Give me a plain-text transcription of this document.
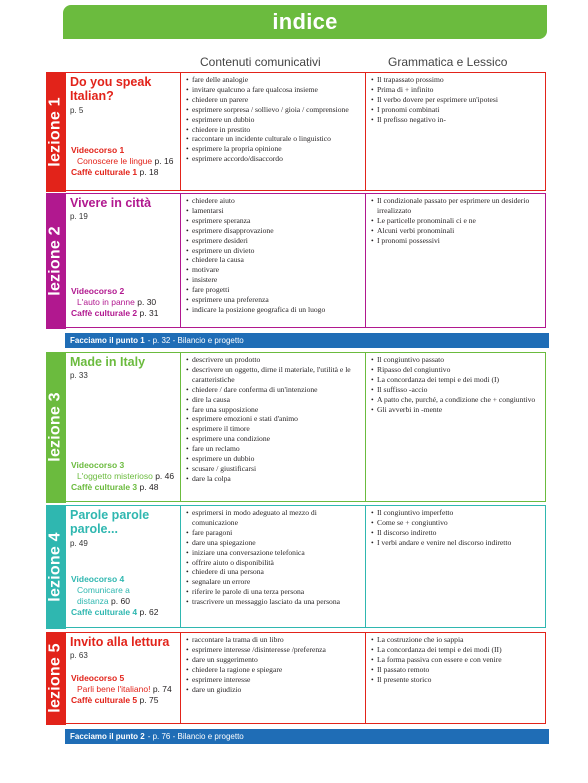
indice
Contenuti comunicativi	Grammatica e Lessico
lezione 1
Do you speak Italian?
p. 5
Videocorso 1
Conoscere le lingue p. 16
Caffè culturale 1 p. 18
• fare delle analogie
• invitare qualcuno a fare qualcosa insieme
• chiedere un parere
• esprimere sorpresa / sollievo / gioia / comprensione
• esprimere un dubbio
• chiedere in prestito
• raccontare un incidente culturale o linguistico
• esprimere la propria opinione
• esprimere accordo/disaccordo
• Il trapassato prossimo
• Prima di + infinito
• Il verbo dovere per esprimere un'ipotesi
• I pronomi combinati
• Il prefisso negativo in-
lezione 2
Vivere in città
p. 19
Videocorso 2
L'auto in panne p. 30
Caffè culturale 2 p. 31
• chiedere aiuto
• lamentarsi
• esprimere speranza
• esprimere disapprovazione
• esprimere desideri
• esprimere un divieto
• chiedere la causa
• motivare
• insistere
• fare progetti
• esprimere una preferenza
• indicare la posizione geografica di un luogo
• Il condizionale passato per esprimere un desiderio irrealizzato
• Le particelle pronominali ci e ne
• Alcuni verbi pronominali
• I pronomi possessivi
Facciamo il punto 1 - p. 32 - Bilancio e progetto
lezione 3
Made in Italy
p. 33
Videocorso 3
L'oggetto misterioso p. 46
Caffè culturale 3 p. 48
• descrivere un prodotto
• descrivere un oggetto, dirne il materiale, l'utilità e le caratteristiche
• chiedere / dare conferma di un'intenzione
• dire la causa
• fare una supposizione
• esprimere emozioni e stati d'animo
• esprimere il timore
• esprimere una condizione
• fare un reclamo
• esprimere un dubbio
• scusare / giustificarsi
• dare la colpa
• Il congiuntivo passato
• Ripasso del congiuntivo
• La concordanza dei tempi e dei modi (I)
• Il suffisso -accio
• A patto che, purché, a condizione che + congiuntivo
• Gli avverbi in -mente
lezione 4
Parole parole parole...
p. 49
Videocorso 4
Comunicare a distanza p. 60
Caffè culturale 4 p. 62
• esprimersi in modo adeguato al mezzo di comunicazione
• fare paragoni
• dare una spiegazione
• iniziare una conversazione telefonica
• offrire aiuto o disponibilità
• chiedere di una persona
• segnalare un errore
• riferire le parole di una terza persona
• trascrivere un messaggio lasciato da una persona
• Il congiuntivo imperfetto
• Come se + congiuntivo
• Il discorso indiretto
• I verbi andare e venire nel discorso indiretto
lezione 5
Invito alla lettura
p. 63
Videocorso 5
Parli bene l'italiano! p. 74
Caffè culturale 5 p. 75
• raccontare la trama di un libro
• esprimere interesse /disinteresse /preferenza
• dare un suggerimento
• chiedere la ragione e spiegare
• esprimere interesse
• dare un giudizio
• La costruzione che io sappia
• La concordanza dei tempi e dei modi (II)
• La forma passiva con essere e con venire
• Il passato remoto
• Il presente storico
Facciamo il punto 2 - p. 76 - Bilancio e progetto
